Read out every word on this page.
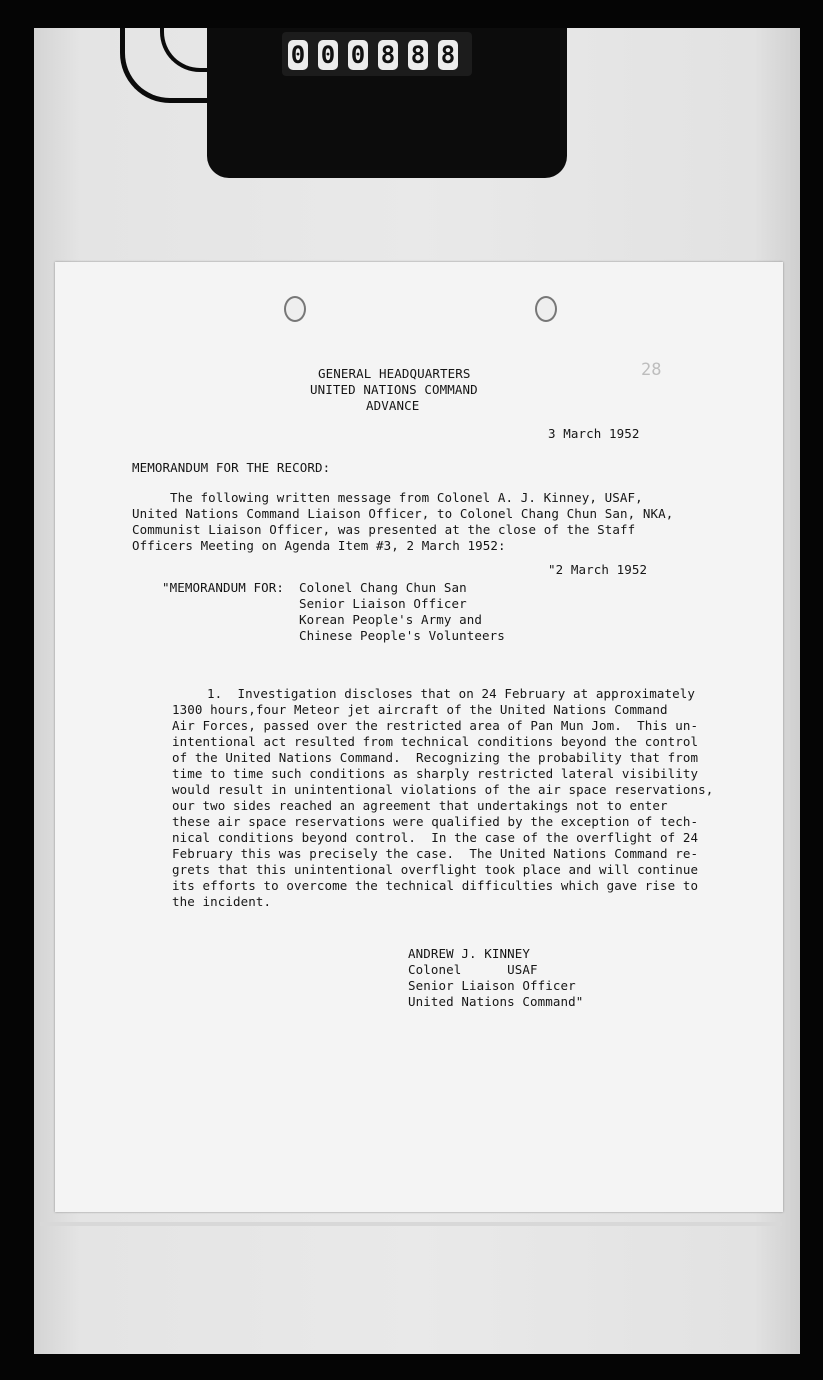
0 0 0 8 8 8
28
GENERAL HEADQUARTERS
UNITED NATIONS COMMAND
ADVANCE
3 March 1952
MEMORANDUM FOR THE RECORD:
The following written message from Colonel A. J. Kinney, USAF,
United Nations Command Liaison Officer, to Colonel Chang Chun San, NKA,
Communist Liaison Officer, was presented at the close of the Staff
Officers Meeting on Agenda Item #3, 2 March 1952:
"2 March 1952
"MEMORANDUM FOR: Colonel Chang Chun San
Senior Liaison Officer
Korean People's Army and
Chinese People's Volunteers
1.  Investigation discloses that on 24 February at approximately
1300 hours,four Meteor jet aircraft of the United Nations Command
Air Forces, passed over the restricted area of Pan Mun Jom.  This un-
intentional act resulted from technical conditions beyond the control
of the United Nations Command.  Recognizing the probability that from
time to time such conditions as sharply restricted lateral visibility
would result in unintentional violations of the air space reservations,
our two sides reached an agreement that undertakings not to enter
these air space reservations were qualified by the exception of tech-
nical conditions beyond control.  In the case of the overflight of 24
February this was precisely the case.  The United Nations Command re-
grets that this unintentional overflight took place and will continue
its efforts to overcome the technical difficulties which gave rise to
the incident.
ANDREW J. KINNEY
Colonel      USAF
Senior Liaison Officer
United Nations Command"
